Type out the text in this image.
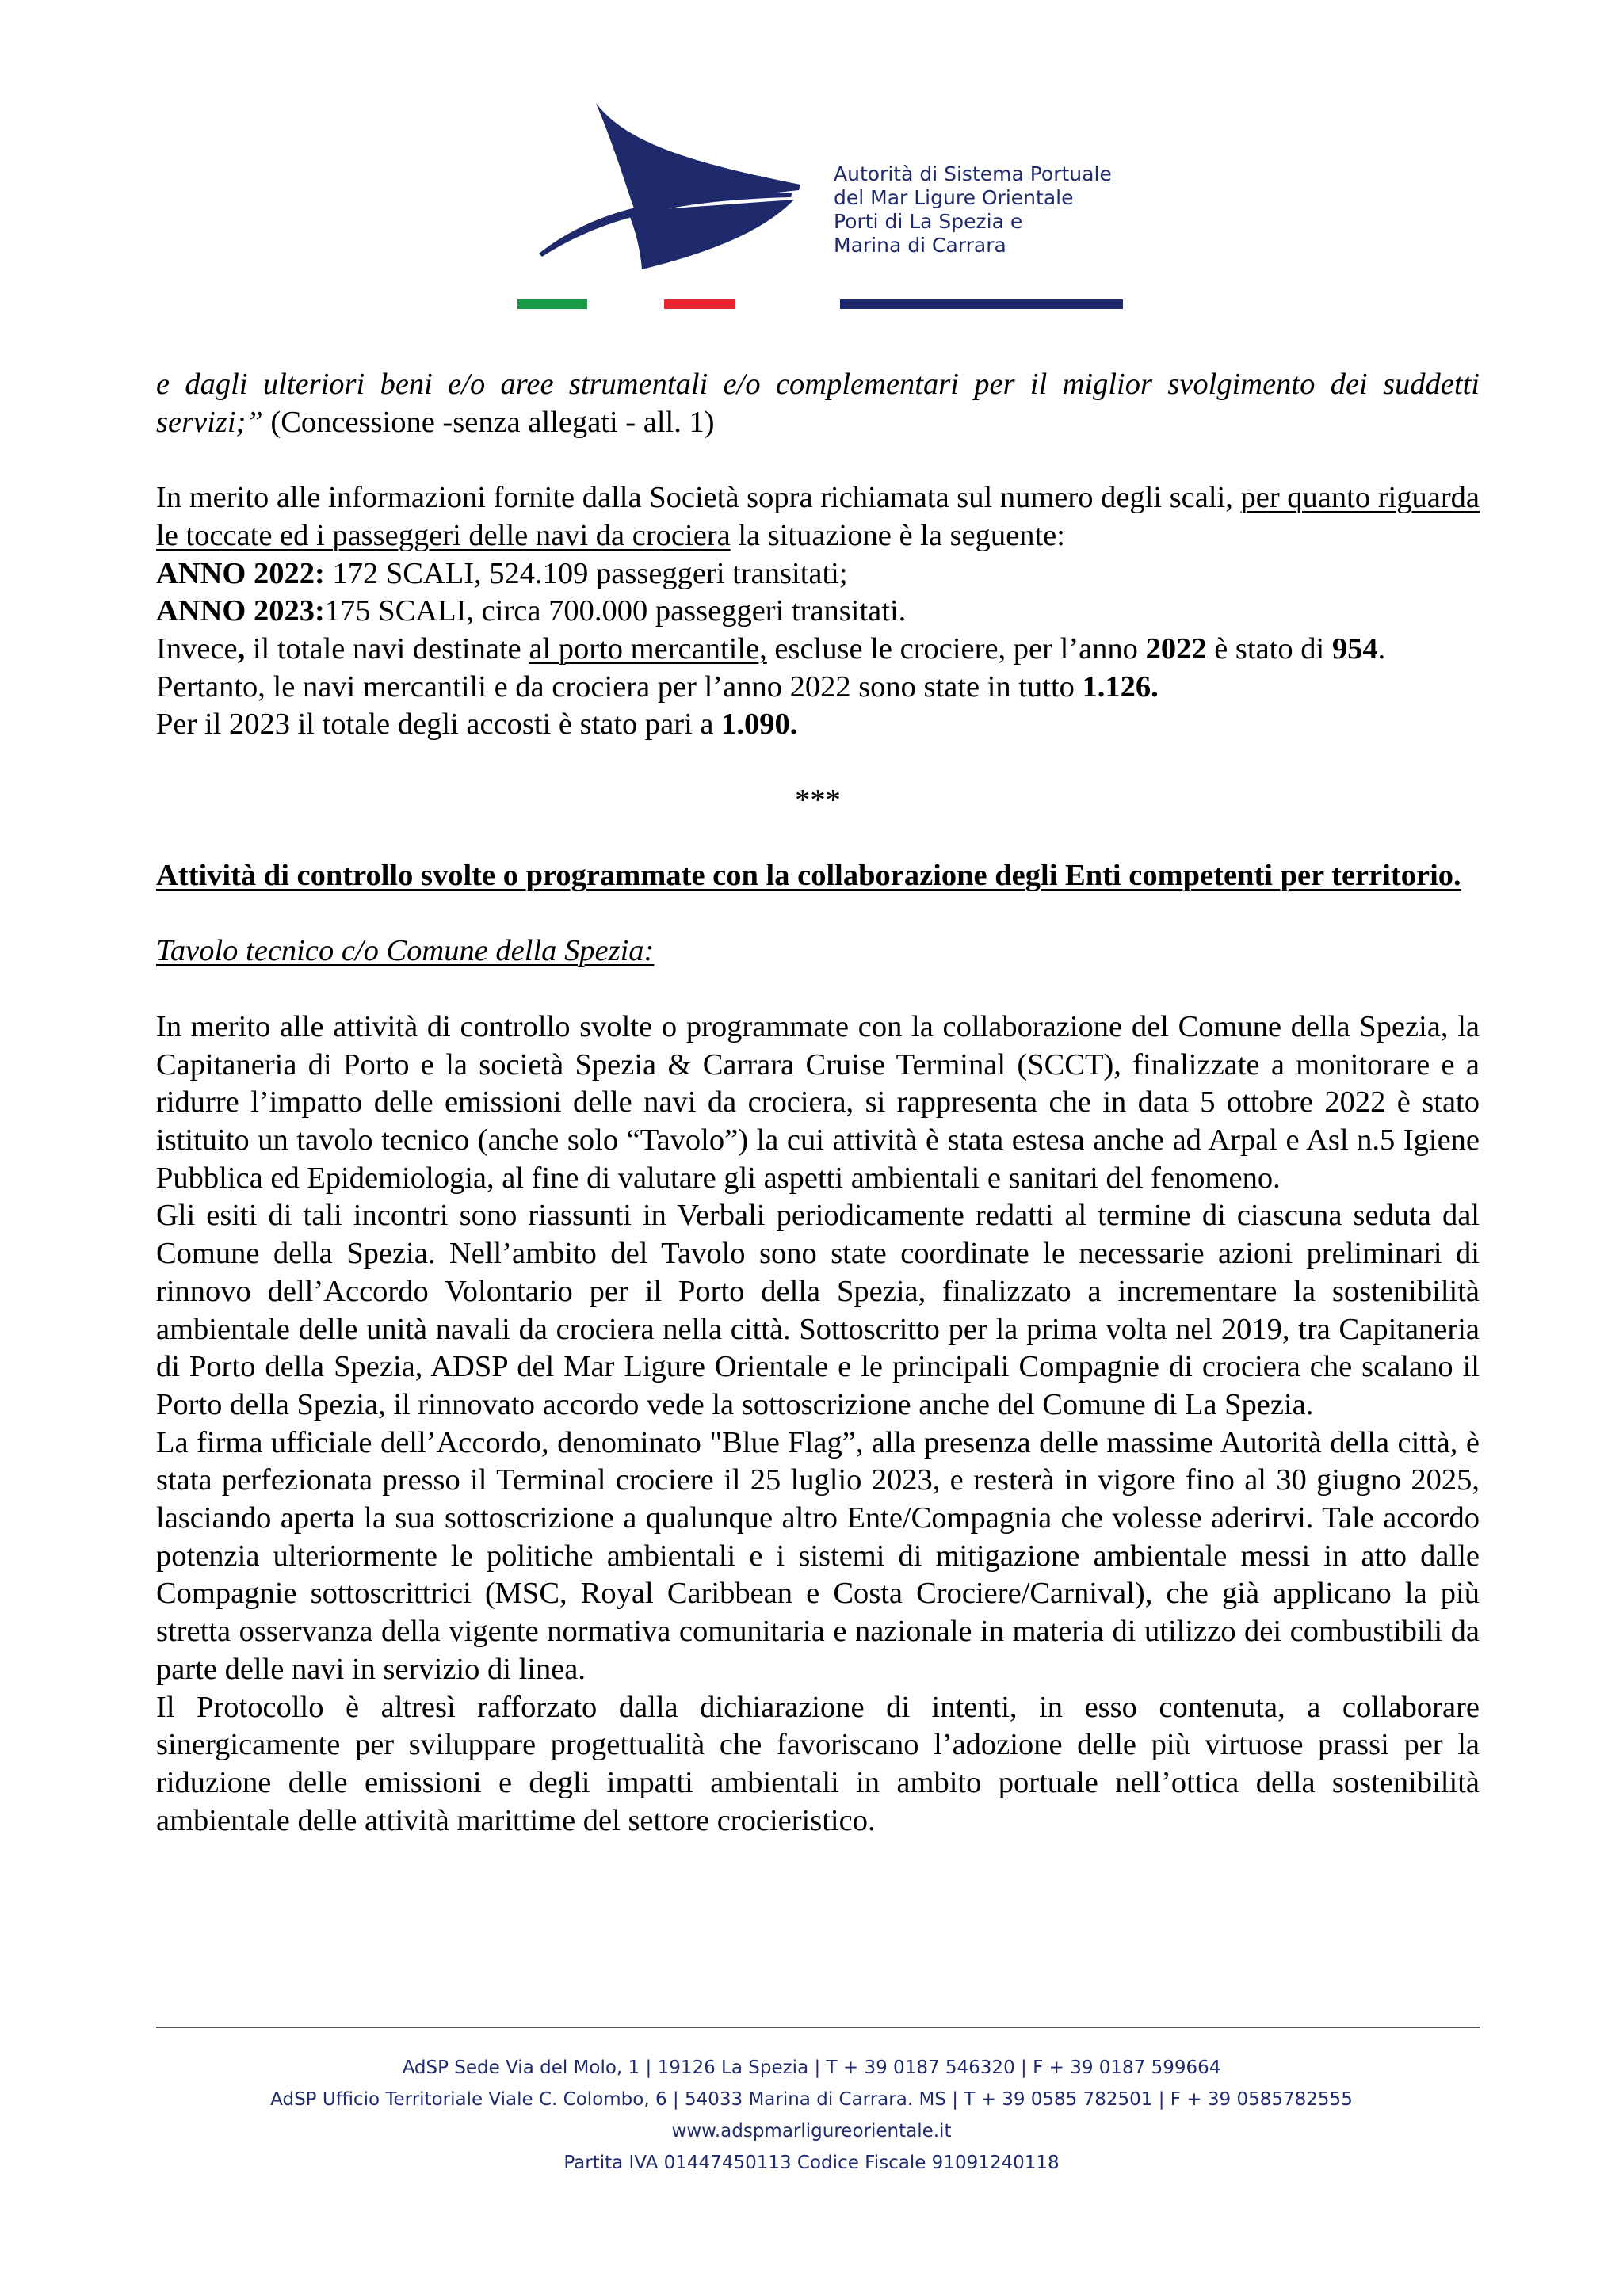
Autorità di Sistema Portuale
del Mar Ligure Orientale
Porti di La Spezia e
Marina di Carrara

e dagli ulteriori beni e/o aree strumentali e/o complementari per il miglior svolgimento dei suddetti servizi;” (Concessione -senza allegati - all. 1)

In merito alle informazioni fornite dalla Società sopra richiamata sul numero degli scali, per quanto riguarda le toccate ed i passeggeri delle navi da crociera la situazione è la seguente:

ANNO 2022: 172 SCALI, 524.109 passeggeri transitati;

ANNO 2023:175 SCALI, circa 700.000 passeggeri transitati.

Invece, il totale navi destinate al porto mercantile, escluse le crociere, per l’anno 2022 è stato di 954.

Pertanto, le navi mercantili e da crociera per l’anno 2022 sono state in tutto 1.126.

Per il 2023 il totale degli accosti è stato pari a 1.090.

***

Attività di controllo svolte o programmate con la collaborazione degli Enti competenti per territorio.

Tavolo tecnico c/o Comune della Spezia:

In merito alle attività di controllo svolte o programmate con la collaborazione del Comune della Spezia, la Capitaneria di Porto e la società Spezia & Carrara Cruise Terminal (SCCT), finalizzate a monitorare e a ridurre l’impatto delle emissioni delle navi da crociera, si rappresenta che in data 5 ottobre 2022 è stato istituito un tavolo tecnico (anche solo “Tavolo”) la cui attività è stata estesa anche ad Arpal e Asl n.5 Igiene Pubblica ed Epidemiologia, al fine di valutare gli aspetti ambientali e sanitari del fenomeno.

Gli esiti di tali incontri sono riassunti in Verbali periodicamente redatti al termine di ciascuna seduta dal Comune della Spezia. Nell’ambito del Tavolo sono state coordinate le necessarie azioni preliminari di rinnovo dell’Accordo Volontario per il Porto della Spezia, finalizzato a incrementare la sostenibilità ambientale delle unità navali da crociera nella città. Sottoscritto per la prima volta nel 2019, tra Capitaneria di Porto della Spezia, ADSP del Mar Ligure Orientale e le principali Compagnie di crociera che scalano il Porto della Spezia, il rinnovato accordo vede la sottoscrizione anche del Comune di La Spezia.

La firma ufficiale dell’Accordo, denominato "Blue Flag”, alla presenza delle massime Autorità della città, è stata perfezionata presso il Terminal crociere il 25 luglio 2023, e resterà in vigore fino al 30 giugno 2025, lasciando aperta la sua sottoscrizione a qualunque altro Ente/Compagnia che volesse aderirvi. Tale accordo potenzia ulteriormente le politiche ambientali e i sistemi di mitigazione ambientale messi in atto dalle Compagnie sottoscrittrici (MSC, Royal Caribbean e Costa Crociere/Carnival), che già applicano la più stretta osservanza della vigente normativa comunitaria e nazionale in materia di utilizzo dei combustibili da parte delle navi in servizio di linea.

Il Protocollo è altresì rafforzato dalla dichiarazione di intenti, in esso contenuta, a collaborare sinergicamente per sviluppare progettualità che favoriscano l’adozione delle più virtuose prassi per la riduzione delle emissioni e degli impatti ambientali in ambito portuale nell’ottica della sostenibilità ambientale delle attività marittime del settore crocieristico.

AdSP Sede Via del Molo, 1 | 19126 La Spezia | T + 39 0187 546320 | F + 39 0187 599664
AdSP Ufficio Territoriale Viale C. Colombo, 6 | 54033 Marina di Carrara. MS | T + 39 0585 782501 | F + 39 0585782555
www.adspmarligureorientale.it
Partita IVA 01447450113 Codice Fiscale 91091240118
